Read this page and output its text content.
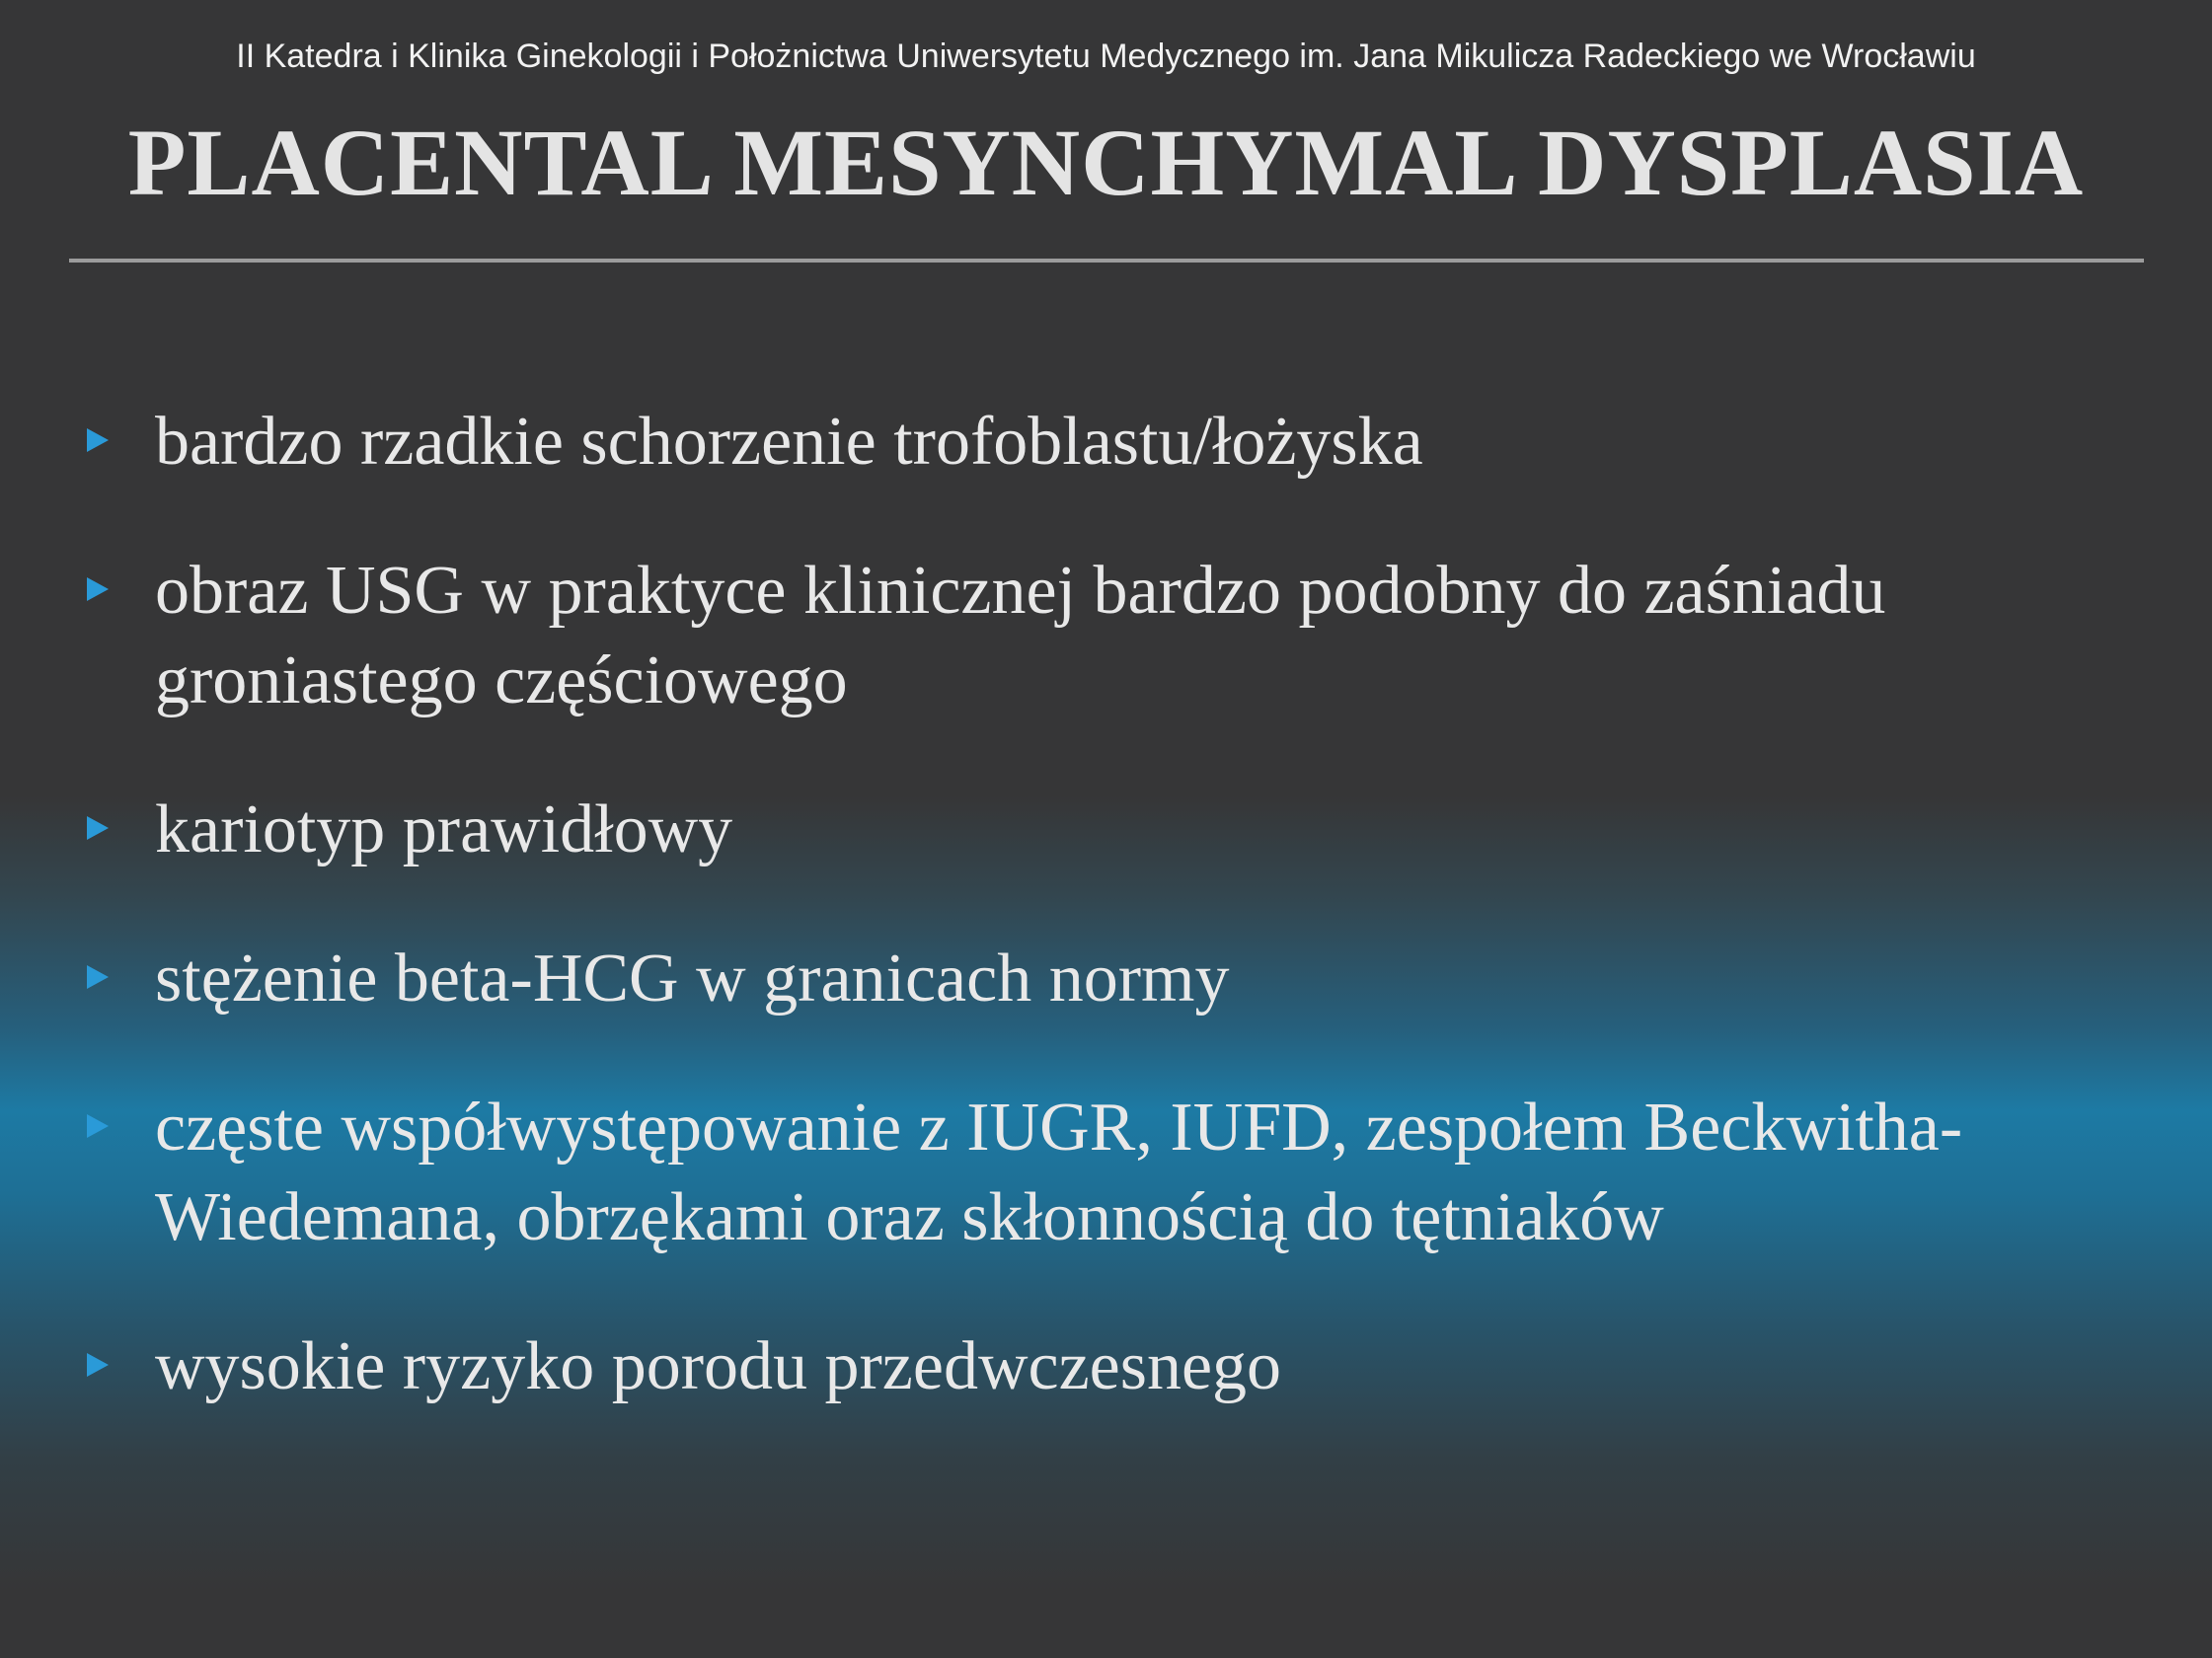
II Katedra i Klinika Ginekologii i Położnictwa Uniwersytetu Medycznego im. Jana Mikulicza Radeckiego we Wrocławiu
PLACENTAL MESYNCHYMAL DYSPLASIA
bardzo rzadkie schorzenie trofoblastu/łożyska
obraz USG w praktyce klinicznej bardzo podobny do zaśniadu groniastego częściowego
kariotyp prawidłowy
stężenie beta-HCG w granicach normy
częste współwystępowanie z IUGR, IUFD, zespołem Beckwitha-Wiedemana, obrzękami oraz skłonnością do tętniaków
wysokie ryzyko porodu przedwczesnego
